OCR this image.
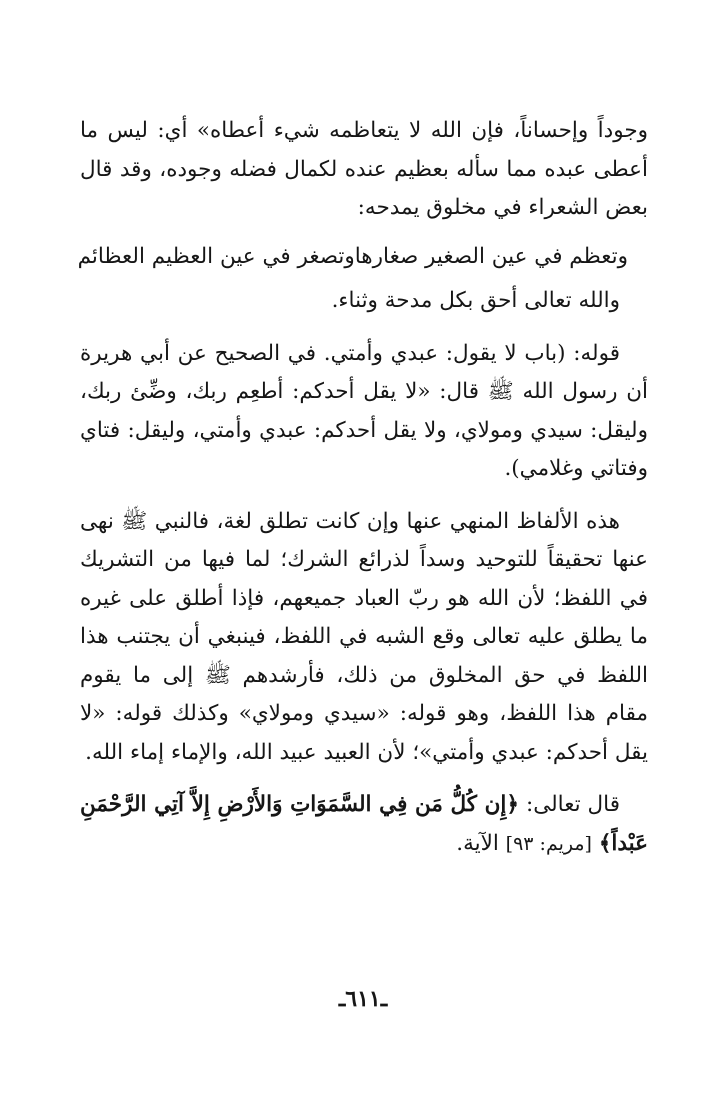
وجوداً وإحساناً، فإن الله لا يتعاظمه شيء أعطاه» أي: ليس ما أعطى عبده مما سأله بعظيم عنده لكمال فضله وجوده، وقد قال بعض الشعراء في مخلوق يمدحه:

وتعظم في عين الصغير صغارها
وتصغر في عين العظيم العظائم

والله تعالى أحق بكل مدحة وثناء.

قوله: (باب لا يقول: عبدي وأمتي. في الصحيح عن أبي هريرة أن رسول الله ﷺ قال: «لا يقل أحدكم: أطعِم ربك، وضِّئ ربك، وليقل: سيدي ومولاي، ولا يقل أحدكم: عبدي وأمتي، وليقل: فتاي وفتاتي وغلامي).

هذه الألفاظ المنهي عنها وإن كانت تطلق لغة، فالنبي ﷺ نهى عنها تحقيقاً للتوحيد وسداً لذرائع الشرك؛ لما فيها من التشريك في اللفظ؛ لأن الله هو ربّ العباد جميعهم، فإذا أطلق على غيره ما يطلق عليه تعالى وقع الشبه في اللفظ، فينبغي أن يجتنب هذا اللفظ في حق المخلوق من ذلك، فأرشدهم ﷺ إلى ما يقوم مقام هذا اللفظ، وهو قوله: «سيدي ومولاي» وكذلك قوله: «لا يقل أحدكم: عبدي وأمتي»؛ لأن العبيد عبيد الله، والإماء إماء الله.

قال تعالى: ﴿إِن كُلُّ مَن فِي السَّمَوَاتِ وَالأَرْضِ إِلاَّ آتِي الرَّحْمَنِ عَبْداً﴾ [مريم: ٩٣] الآية.

ـ٦١١ـ
